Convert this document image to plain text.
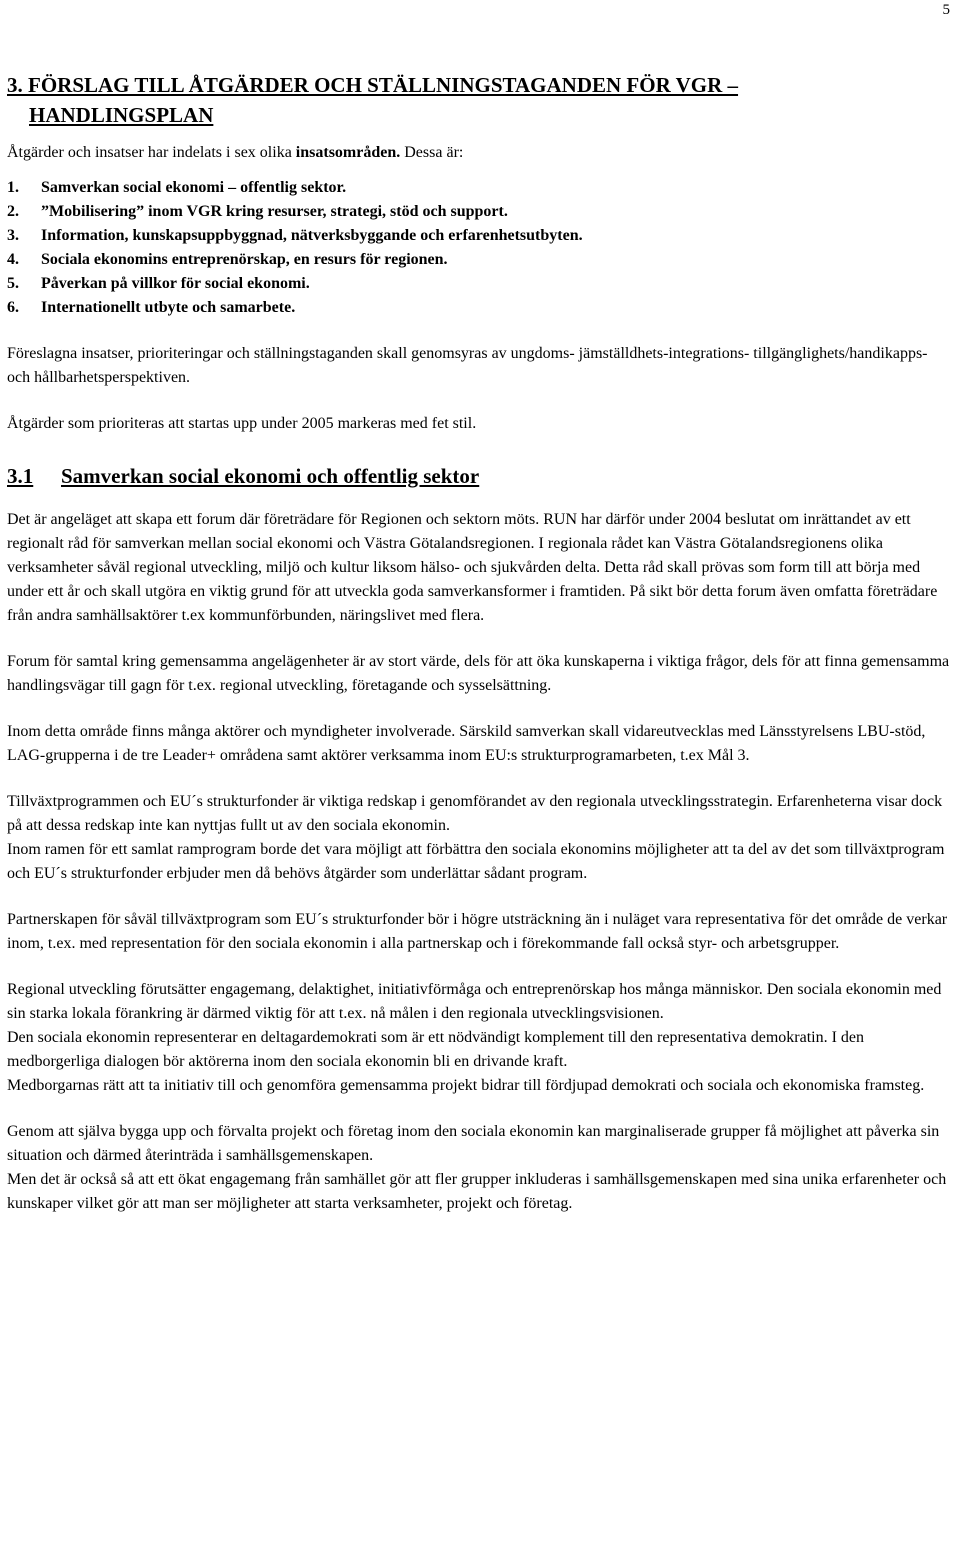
5
3. FÖRSLAG TILL ÅTGÄRDER OCH STÄLLNINGSTAGANDEN FÖR VGR –
HANDLINGSPLAN
Åtgärder och insatser har indelats i sex olika insatsområden. Dessa är:
1.	Samverkan social ekonomi – offentlig sektor.
2.	”Mobilisering” inom VGR kring resurser, strategi, stöd och support.
3.	Information, kunskapsuppbyggnad, nätverksbyggande och erfarenhetsutbyten.
4.	Sociala ekonomins entreprenörskap, en resurs för regionen.
5.	Påverkan på villkor för social ekonomi.
6.	Internationellt utbyte och samarbete.

Föreslagna insatser, prioriteringar och ställningstaganden skall genomsyras av ungdoms- jämställdhets-integrations- tillgänglighets/handikapps- och hållbarhetsperspektiven.

Åtgärder som prioriteras att startas upp under 2005 markeras med fet stil.

3.1 Samverkan social ekonomi och offentlig sektor

Det är angeläget att skapa ett forum där företrädare för Regionen och sektorn möts. RUN har därför under 2004 beslutat om inrättandet av ett regionalt råd för samverkan mellan social ekonomi och Västra Götalandsregionen. I regionala rådet kan Västra Götalandsregionens olika verksamheter såväl regional utveckling, miljö och kultur liksom hälso- och sjukvården delta. Detta råd skall prövas som form till att börja med under ett år och skall utgöra en viktig grund för att utveckla goda samverkansformer i framtiden. På sikt bör detta forum även omfatta företrädare från andra samhällsaktörer t.ex kommunförbunden, näringslivet med flera.

Forum för samtal kring gemensamma angelägenheter är av stort värde, dels för att öka kunskaperna i viktiga frågor, dels för att finna gemensamma handlingsvägar till gagn för t.ex. regional utveckling, företagande och sysselsättning.

Inom detta område finns många aktörer och myndigheter involverade. Särskild samverkan skall vidareutvecklas med Länsstyrelsens LBU-stöd, LAG-grupperna i de tre Leader+ områdena samt aktörer verksamma inom EU:s strukturprogramarbeten, t.ex Mål 3.

Tillväxtprogrammen och EU´s strukturfonder är viktiga redskap i genomförandet av den regionala utvecklingsstrategin. Erfarenheterna visar dock på att dessa redskap inte kan nyttjas fullt ut av den sociala ekonomin.

Inom ramen för ett samlat ramprogram borde det vara möjligt att förbättra den sociala ekonomins möjligheter att ta del av det som tillväxtprogram och EU´s strukturfonder erbjuder men då behövs åtgärder som underlättar sådant program.

Partnerskapen för såväl tillväxtprogram som EU´s strukturfonder bör i högre utsträckning än i nuläget vara representativa för det område de verkar inom, t.ex. med representation för den sociala ekonomin i alla partnerskap och i förekommande fall också styr- och arbetsgrupper.

Regional utveckling förutsätter engagemang, delaktighet, initiativförmåga och entreprenörskap hos många människor. Den sociala ekonomin med sin starka lokala förankring är därmed viktig för att t.ex. nå målen i den regionala utvecklingsvisionen.

Den sociala ekonomin representerar en deltagardemokrati som är ett nödvändigt komplement till den representativa demokratin. I den medborgerliga dialogen bör aktörerna inom den sociala ekonomin bli en drivande kraft.

Medborgarnas rätt att ta initiativ till och genomföra gemensamma projekt bidrar till fördjupad demokrati och sociala och ekonomiska framsteg.

Genom att själva bygga upp och förvalta projekt och företag inom den sociala ekonomin kan marginaliserade grupper få möjlighet att påverka sin situation och därmed återinträda i samhällsgemenskapen.

Men det är också så att ett ökat engagemang från samhället gör att fler grupper inkluderas i samhällsgemenskapen med sina unika erfarenheter och kunskaper vilket gör att man ser möjligheter att starta verksamheter, projekt och företag.
